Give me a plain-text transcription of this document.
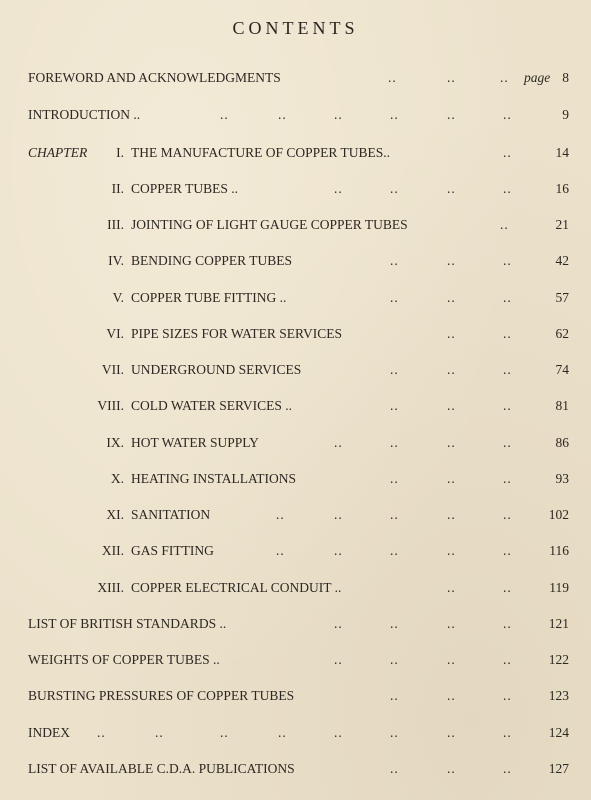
CONTENTS
FOREWORD AND ACKNOWLEDGMENTS	..	..	.. page 8
INTRODUCTION ..	..	..	..	..	..	..	9
CHAPTER I. THE MANUFACTURE OF COPPER TUBES..	..	14
II. COPPER TUBES ..	..	..	..	..	16
III. JOINTING OF LIGHT GAUGE COPPER TUBES	..	21
IV. BENDING COPPER TUBES	..	..	..	42
V. COPPER TUBE FITTING ..	..	..	..	57
VI. PIPE SIZES FOR WATER SERVICES	..	..	62
VII. UNDERGROUND SERVICES	..	..	..	74
VIII. COLD WATER SERVICES ..	..	..	..	81
IX. HOT WATER SUPPLY	..	..	..	..	86
X. HEATING INSTALLATIONS	..	..	..	93
XI. SANITATION	..	..	..	..	..	102
XII. GAS FITTING	..	..	..	..	..	116
XIII. COPPER ELECTRICAL CONDUIT ..	..	..	119
LIST OF BRITISH STANDARDS ..	..	..	..	..	121
WEIGHTS OF COPPER TUBES ..	..	..	..	..	122
BURSTING PRESSURES OF COPPER TUBES	..	..	..	123
INDEX ..	..	..	..	..	..	..	..	124
LIST OF AVAILABLE C.D.A. PUBLICATIONS	..	..	..	127
